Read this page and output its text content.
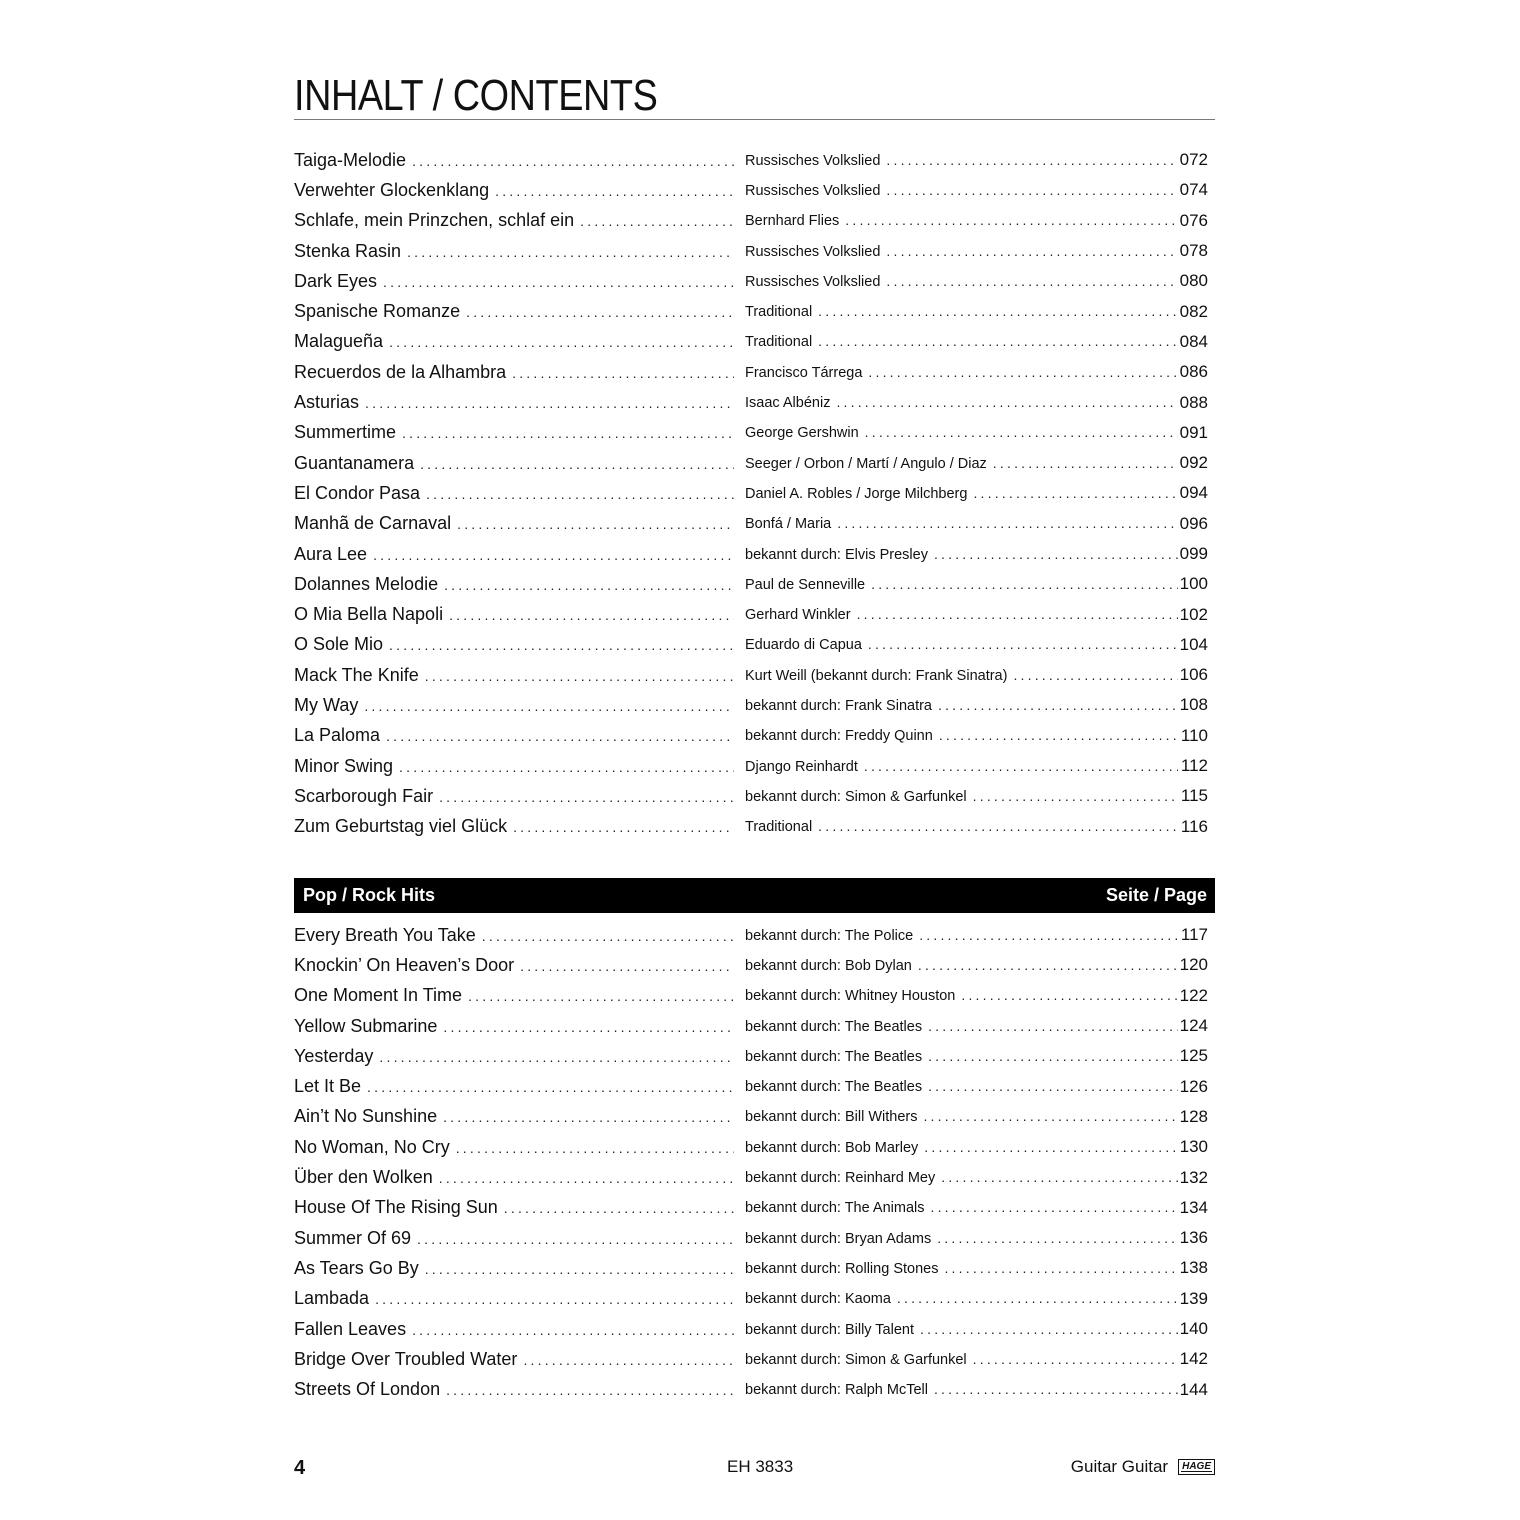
INHALT / CONTENTS
Taiga-Melodie .....	Russisches Volkslied .....	072
Verwehter Glockenklang .....	Russisches Volkslied .....	074
Schlafe, mein Prinzchen, schlaf ein .....	Bernhard Flies .....	076
Stenka Rasin .....	Russisches Volkslied .....	078
Dark Eyes .....	Russisches Volkslied .....	080
Spanische Romanze .....	Traditional .....	082
Malagueña .....	Traditional .....	084
Recuerdos de la Alhambra .....	Francisco Tárrega .....	086
Asturias .....	Isaac Albéniz .....	088
Summertime .....	George Gershwin .....	091
Guantanamera .....	Seeger / Orbon / Martí / Angulo / Diaz .....	092
El Condor Pasa .....	Daniel A. Robles / Jorge Milchberg .....	094
Manhã de Carnaval .....	Bonfá / Maria .....	096
Aura Lee .....	bekannt durch: Elvis Presley .....	099
Dolannes Melodie .....	Paul de Senneville .....	100
O Mia Bella Napoli .....	Gerhard Winkler .....	102
O Sole Mio .....	Eduardo di Capua .....	104
Mack The Knife .....	Kurt Weill (bekannt durch: Frank Sinatra) .....	106
My Way .....	bekannt durch: Frank Sinatra .....	108
La Paloma .....	bekannt durch: Freddy Quinn .....	110
Minor Swing .....	Django Reinhardt .....	112
Scarborough Fair .....	bekannt durch: Simon & Garfunkel .....	115
Zum Geburtstag viel Glück .....	Traditional .....	116
Pop / Rock Hits	Seite / Page
Every Breath You Take .....	bekannt durch: The Police .....	117
Knockin’ On Heaven’s Door .....	bekannt durch: Bob Dylan .....	120
One Moment In Time .....	bekannt durch: Whitney Houston .....	122
Yellow Submarine .....	bekannt durch: The Beatles .....	124
Yesterday .....	bekannt durch: The Beatles .....	125
Let It Be .....	bekannt durch: The Beatles .....	126
Ain’t No Sunshine .....	bekannt durch: Bill Withers .....	128
No Woman, No Cry .....	bekannt durch: Bob Marley .....	130
Über den Wolken .....	bekannt durch: Reinhard Mey .....	132
House Of The Rising Sun .....	bekannt durch: The Animals .....	134
Summer Of 69 .....	bekannt durch: Bryan Adams .....	136
As Tears Go By .....	bekannt durch: Rolling Stones .....	138
Lambada .....	bekannt durch: Kaoma .....	139
Fallen Leaves .....	bekannt durch: Billy Talent .....	140
Bridge Over Troubled Water .....	bekannt durch: Simon & Garfunkel .....	142
Streets Of London .....	bekannt durch: Ralph McTell .....	144
4	EH 3833	Guitar Guitar	HAGE
